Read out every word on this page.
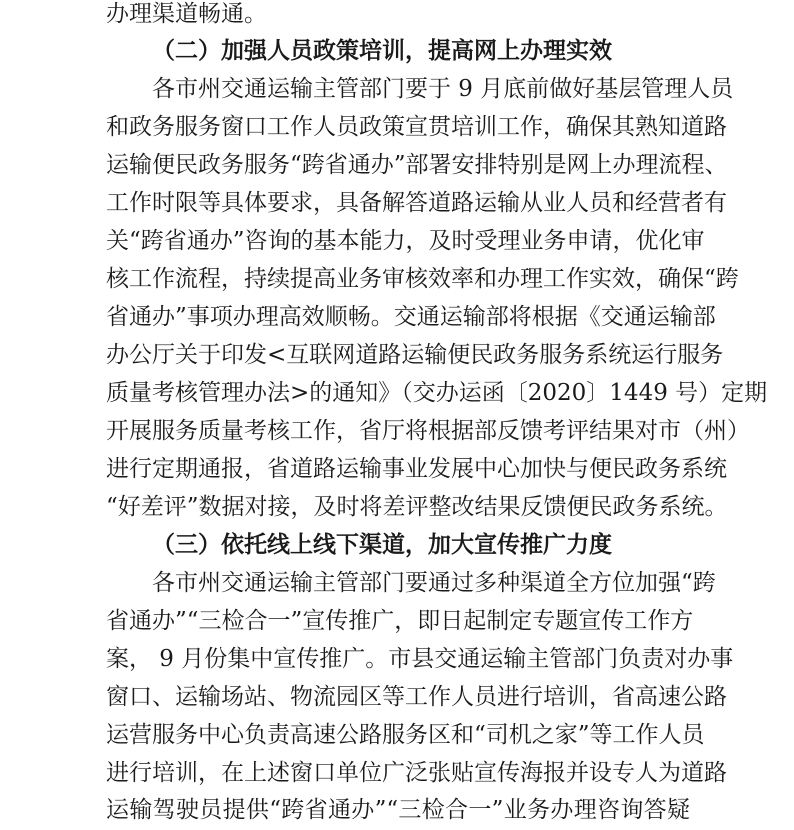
办理渠道畅通。
（二）加强人员政策培训，提高网上办理实效
各市州交通运输主管部门要于 9 月底前做好基层管理人员
和政务服务窗口工作人员政策宣贯培训工作，确保其熟知道路
运输便民政务服务“跨省通办”部署安排特别是网上办理流程、
工作时限等具体要求，具备解答道路运输从业人员和经营者有
关“跨省通办”咨询的基本能力，及时受理业务申请，优化审
核工作流程，持续提高业务审核效率和办理工作实效，确保“跨
省通办”事项办理高效顺畅。交通运输部将根据《交通运输部
办公厅关于印发<互联网道路运输便民政务服务系统运行服务
质量考核管理办法>的通知》（交办运函〔2020〕1449 号）定期
开展服务质量考核工作，省厅将根据部反馈考评结果对市（州）
进行定期通报，省道路运输事业发展中心加快与便民政务系统
“好差评”数据对接，及时将差评整改结果反馈便民政务系统。
（三）依托线上线下渠道，加大宣传推广力度
各市州交通运输主管部门要通过多种渠道全方位加强“跨
省通办”“三检合一”宣传推广，即日起制定专题宣传工作方
案， 9 月份集中宣传推广。市县交通运输主管部门负责对办事
窗口、运输场站、物流园区等工作人员进行培训，省高速公路
运营服务中心负责高速公路服务区和“司机之家”等工作人员
进行培训，在上述窗口单位广泛张贴宣传海报并设专人为道路
运输驾驶员提供“跨省通办”“三检合一”业务办理咨询答疑
